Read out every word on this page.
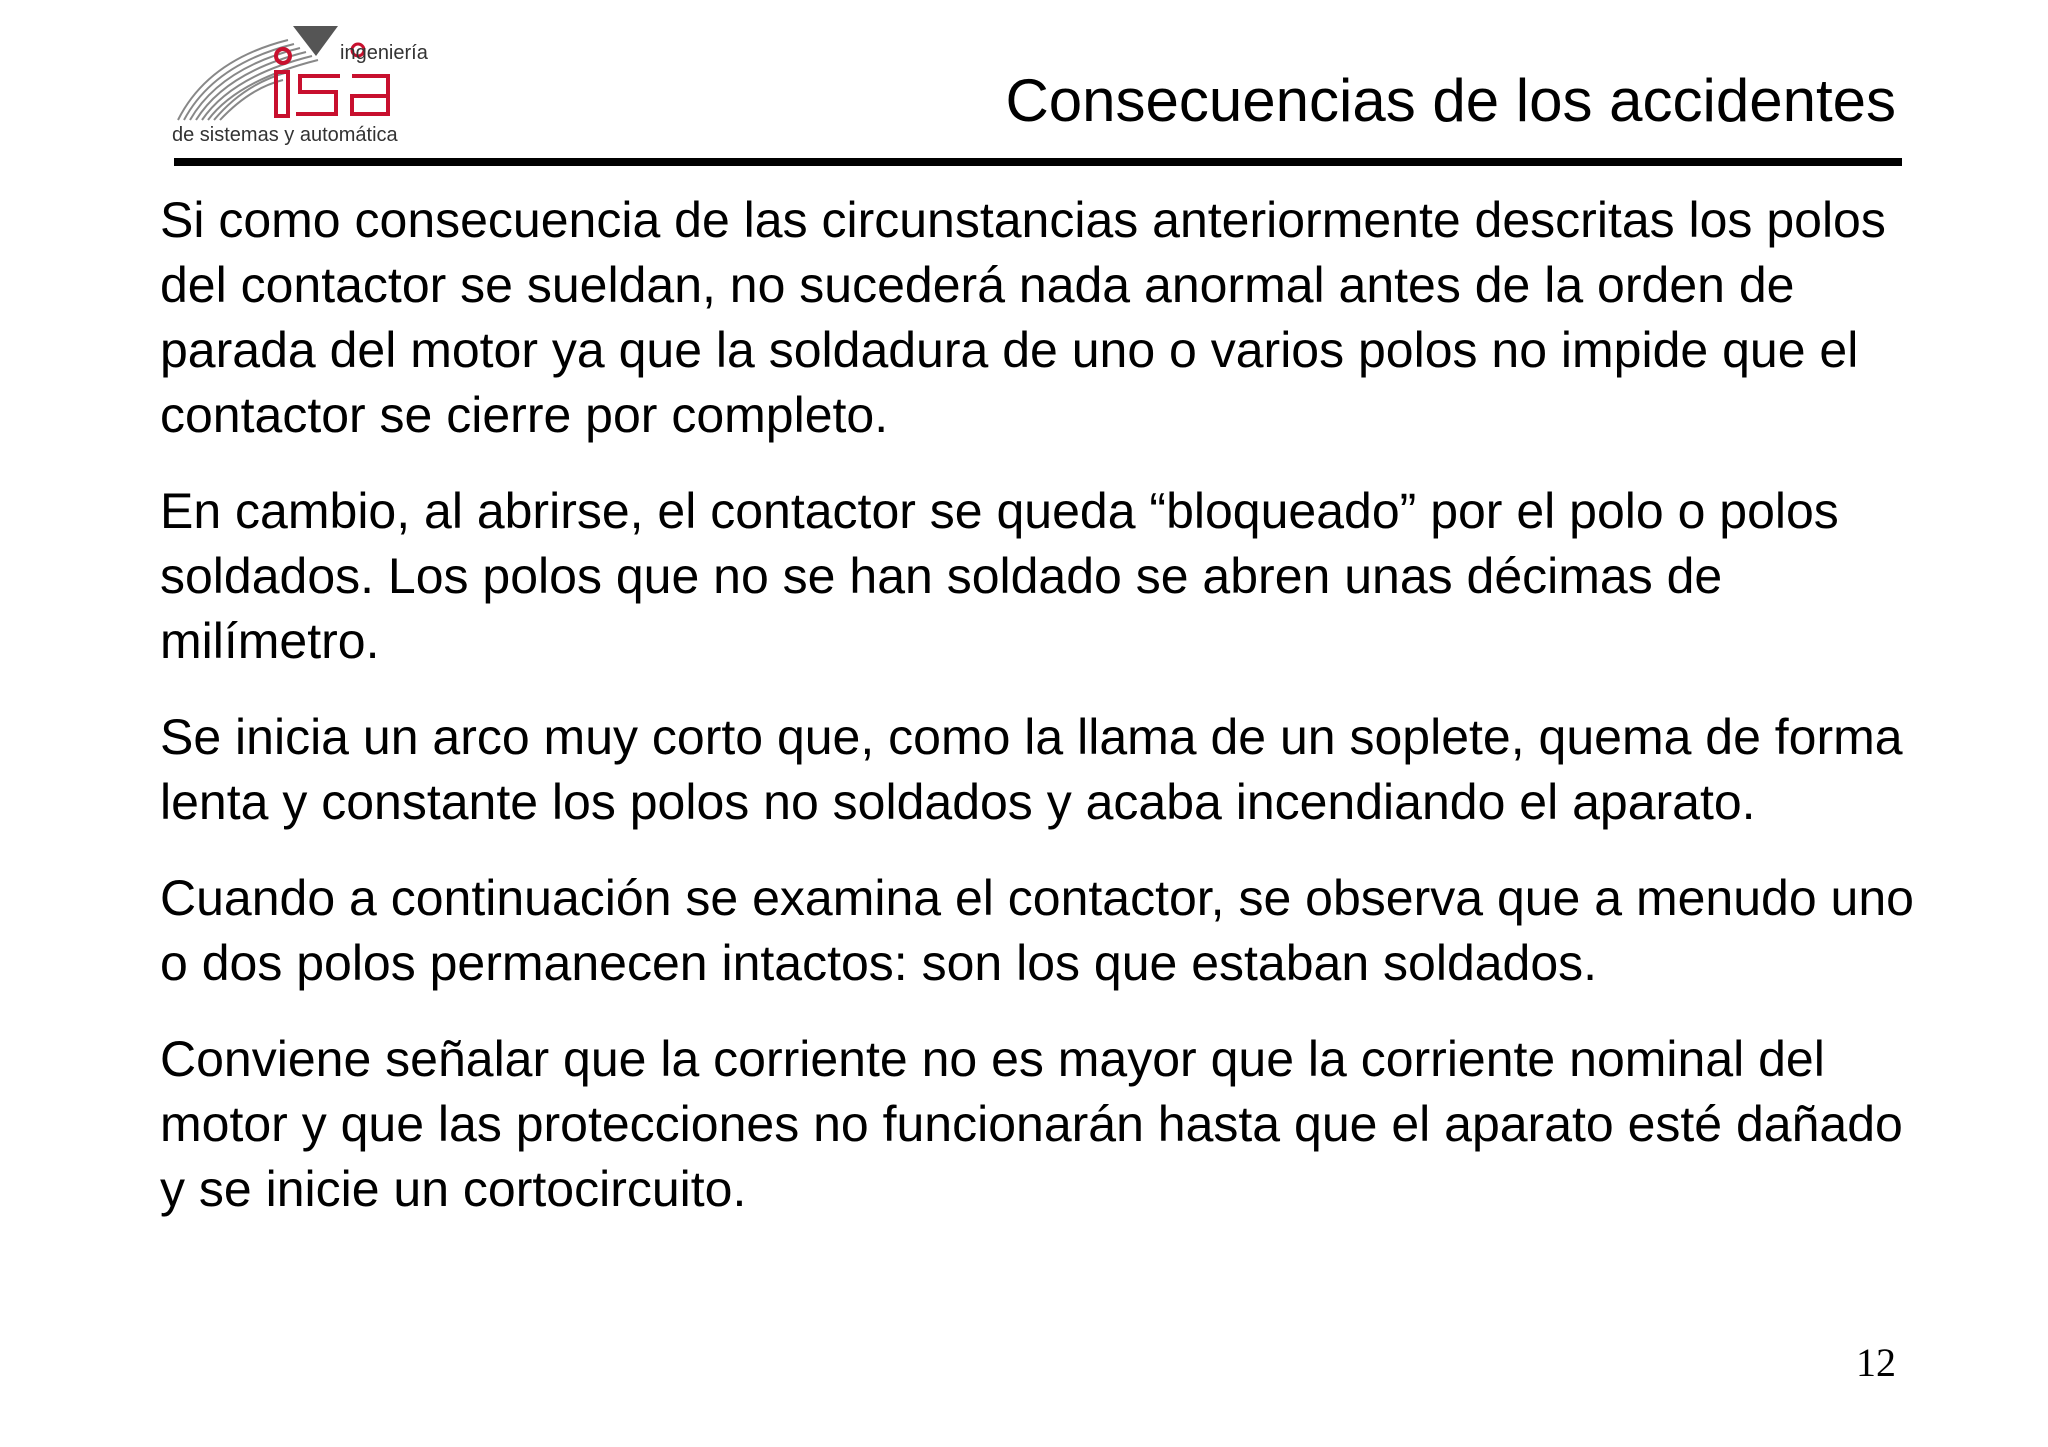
ingeniería
de sistemas y automática
Consecuencias de los accidentes

Si como consecuencia de las circunstancias anteriormente descritas los polos del contactor se sueldan, no sucederá nada anormal antes de la orden de parada del motor ya que la soldadura de uno o varios polos no impide que el contactor se cierre por completo.

En cambio, al abrirse, el contactor se queda “bloqueado” por el polo o polos soldados. Los polos que no se han soldado se abren unas décimas de milímetro.

Se inicia un arco muy corto que, como la llama de un soplete, quema de forma lenta y constante los polos no soldados y acaba incendiando el aparato.

Cuando a continuación se examina el contactor, se observa que a menudo uno o dos polos permanecen intactos: son los que estaban soldados.

Conviene señalar que la corriente no es mayor que la corriente nominal del motor y que las protecciones no funcionarán hasta que el aparato esté dañado y se inicie un cortocircuito.

12
